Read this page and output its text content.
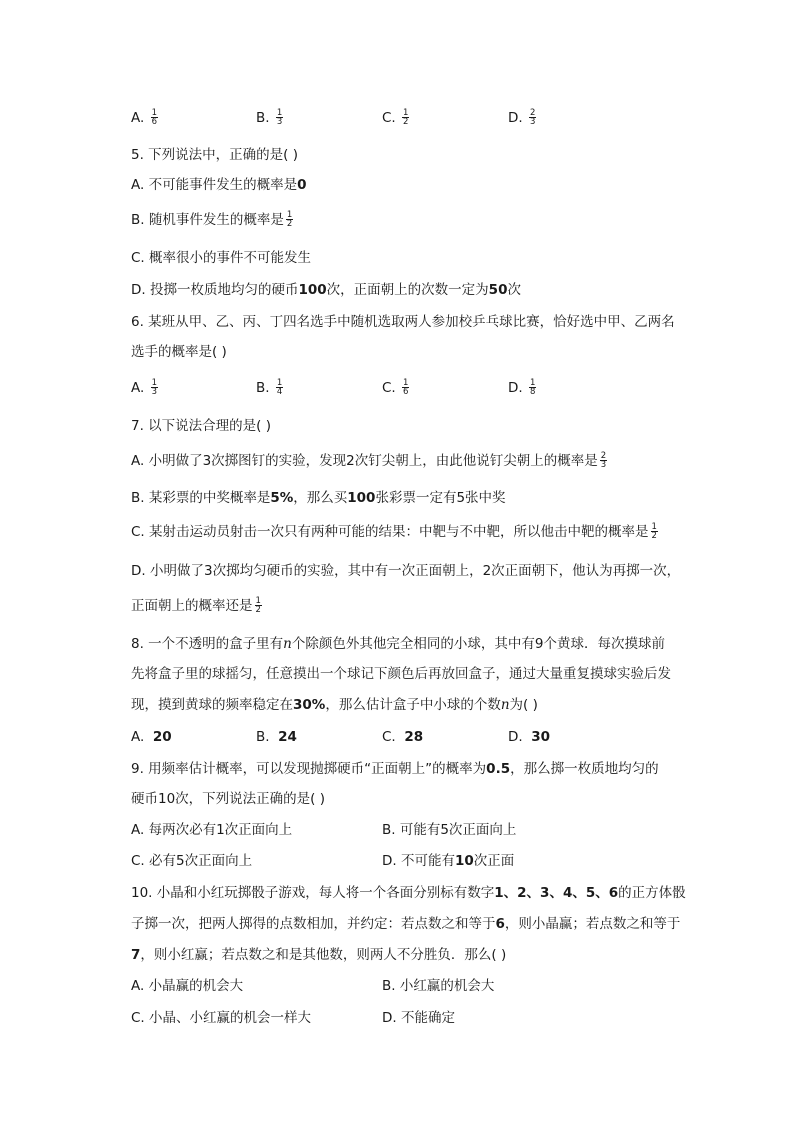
A. $\frac{1}{6}$	B. $\frac{1}{3}$	C. $\frac{1}{2}$	D. $\frac{2}{3}$
5. 下列说法中，正确的是( )
A. 不可能事件发生的概率是0
B. 随机事件发生的概率是 $\frac{1}{2}$
C. 概率很小的事件不可能发生
D. 投掷一枚质地均匀的硬币100次，正面朝上的次数一定为50次
6. 某班从甲、乙、丙、丁四名选手中随机选取两人参加校乒乓球比赛，恰好选中甲、乙两名
选手的概率是( )
A. $\frac{1}{3}$	B. $\frac{1}{4}$	C. $\frac{1}{6}$	D. $\frac{1}{8}$
7. 以下说法合理的是( )
A. 小明做了3次掷图钉的实验，发现2次钉尖朝上，由此他说钉尖朝上的概率是 $\frac{2}{3}$
B. 某彩票的中奖概率是5%，那么买100张彩票一定有5张中奖
C. 某射击运动员射击一次只有两种可能的结果：中靶与不中靶，所以他击中靶的概率是 $\frac{1}{2}$
D. 小明做了3次掷均匀硬币的实验，其中有一次正面朝上，2次正面朝下，他认为再掷一次，
正面朝上的概率还是 $\frac{1}{2}$
8. 一个不透明的盒子里有n个除颜色外其他完全相同的小球，其中有9个黄球．每次摸球前
先将盒子里的球摇匀，任意摸出一个球记下颜色后再放回盒子，通过大量重复摸球实验后发
现，摸到黄球的频率稳定在30%，那么估计盒子中小球的个数n为( )
A. 20	B. 24	C. 28	D. 30
9. 用频率估计概率，可以发现抛掷硬币“正面朝上”的概率为0.5，那么掷一枚质地均匀的
硬币10次，下列说法正确的是( )
A. 每两次必有1次正面向上	B. 可能有5次正面向上
C. 必有5次正面向上	D. 不可能有10次正面
10. 小晶和小红玩掷骰子游戏，每人将一个各面分别标有数字1、2、3、4、5、6的正方体骰
子掷一次，把两人掷得的点数相加，并约定：若点数之和等于6，则小晶赢；若点数之和等于
7，则小红赢；若点数之和是其他数，则两人不分胜负．那么( )
A. 小晶赢的机会大	B. 小红赢的机会大
C. 小晶、小红赢的机会一样大	D. 不能确定
